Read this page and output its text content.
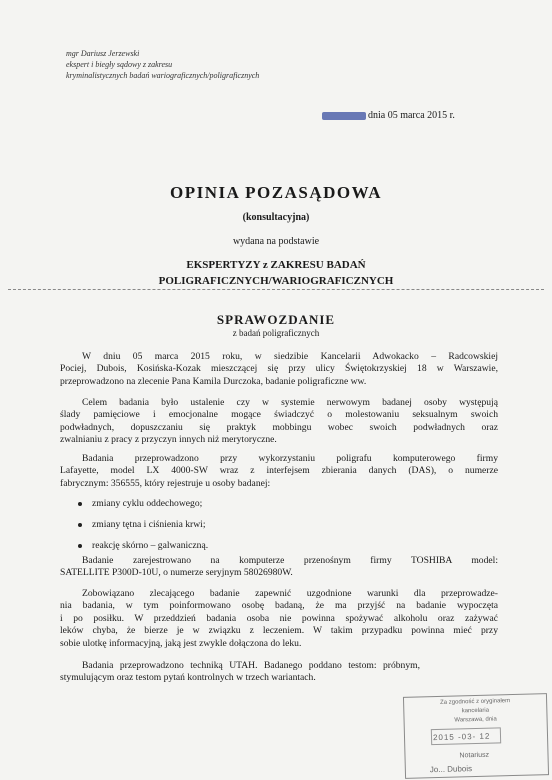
mgr Dariusz Jerzewski
ekspert i biegły sądowy z zakresu
kryminalistycznych badań wariograficznych/poligraficznych
dnia 05 marca 2015 r.
OPINIA POZASĄDOWA
(konsultacyjna)
wydana na podstawie
EKSPERTYZY z ZAKRESU BADAŃ
POLIGRAFICZNYCH/WARIOGRAFICZNYCH
SPRAWOZDANIE
z badań poligraficznych
W dniu 05 marca 2015 roku, w siedzibie Kancelarii Adwokacko – Radcowskiej
Pociej, Dubois, Kosińska-Kozak mieszczącej się przy ulicy Świętokrzyskiej 18 w Warszawie,
przeprowadzono na zlecenie Pana Kamila Durczoka, badanie poligraficzne ww.
Celem badania było ustalenie czy w systemie nerwowym badanej osoby występują
ślady pamięciowe i emocjonalne mogące świadczyć o molestowaniu seksualnym swoich
podwładnych, dopuszczaniu się praktyk mobbingu wobec swoich podwładnych oraz
zwalnianiu z pracy z przyczyn innych niż merytoryczne.
Badania przeprowadzono przy wykorzystaniu poligrafu komputerowego firmy
Lafayette, model LX 4000-SW wraz z interfejsem zbierania danych (DAS), o numerze
fabrycznym: 356555, który rejestruje u osoby badanej:
zmiany cyklu oddechowego;
zmiany tętna i ciśnienia krwi;
reakcję skórno – galwaniczną.
Badanie zarejestrowano na komputerze przenośnym firmy TOSHIBA model:
SATELLITE P300D-10U, o numerze seryjnym 58026980W.
Zobowiązano zlecającego badanie zapewnić uzgodnione warunki dla przeprowadze-
nia badania, w tym poinformowano osobę badaną, że ma przyjść na badanie wypoczęta
i po posiłku. W przeddzień badania osoba nie powinna spożywać alkoholu oraz zażywać
leków chyba, że bierze je w związku z leczeniem. W takim przypadku powinna mieć przy
sobie ulotkę informacyjną, jaką jest zwykle dołączona do leku.
Badania przeprowadzono techniką UTAH. Badanego poddano testom: próbnym,
stymulującym oraz testom pytań kontrolnych w trzech wariantach.
Za zgodność z oryginałem
kancelaria
Warszawa, dnia
2015 -03- 12
Notariusz
Jo... Dubois
